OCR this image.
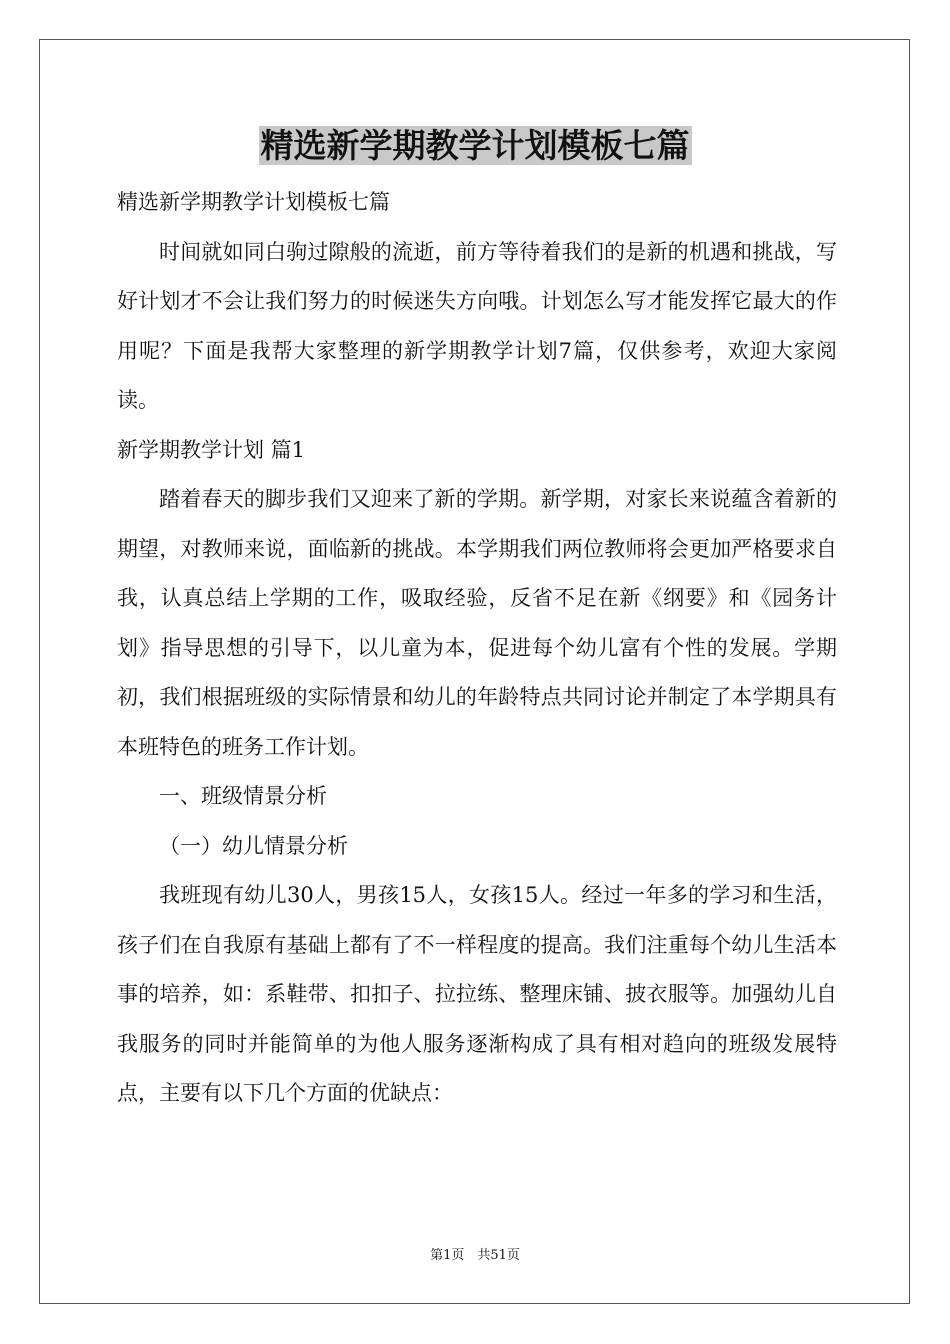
精选新学期教学计划模板七篇

精选新学期教学计划模板七篇

时间就如同白驹过隙般的流逝，前方等待着我们的是新的机遇和挑战，写好计划才不会让我们努力的时候迷失方向哦。计划怎么写才能发挥它最大的作用呢？下面是我帮大家整理的新学期教学计划7篇，仅供参考，欢迎大家阅读。

新学期教学计划 篇1

踏着春天的脚步我们又迎来了新的学期。新学期，对家长来说蕴含着新的期望，对教师来说，面临新的挑战。本学期我们两位教师将会更加严格要求自我，认真总结上学期的工作，吸取经验，反省不足在新《纲要》和《园务计划》指导思想的引导下，以儿童为本，促进每个幼儿富有个性的发展。学期初，我们根据班级的实际情景和幼儿的年龄特点共同讨论并制定了本学期具有本班特色的班务工作计划。

一、班级情景分析

（一）幼儿情景分析

我班现有幼儿30人，男孩15人，女孩15人。经过一年多的学习和生活，孩子们在自我原有基础上都有了不一样程度的提高。我们注重每个幼儿生活本事的培养，如：系鞋带、扣扣子、拉拉练、整理床铺、披衣服等。加强幼儿自我服务的同时并能简单的为他人服务逐渐构成了具有相对趋向的班级发展特点，主要有以下几个方面的优缺点：

第1页　共51页
